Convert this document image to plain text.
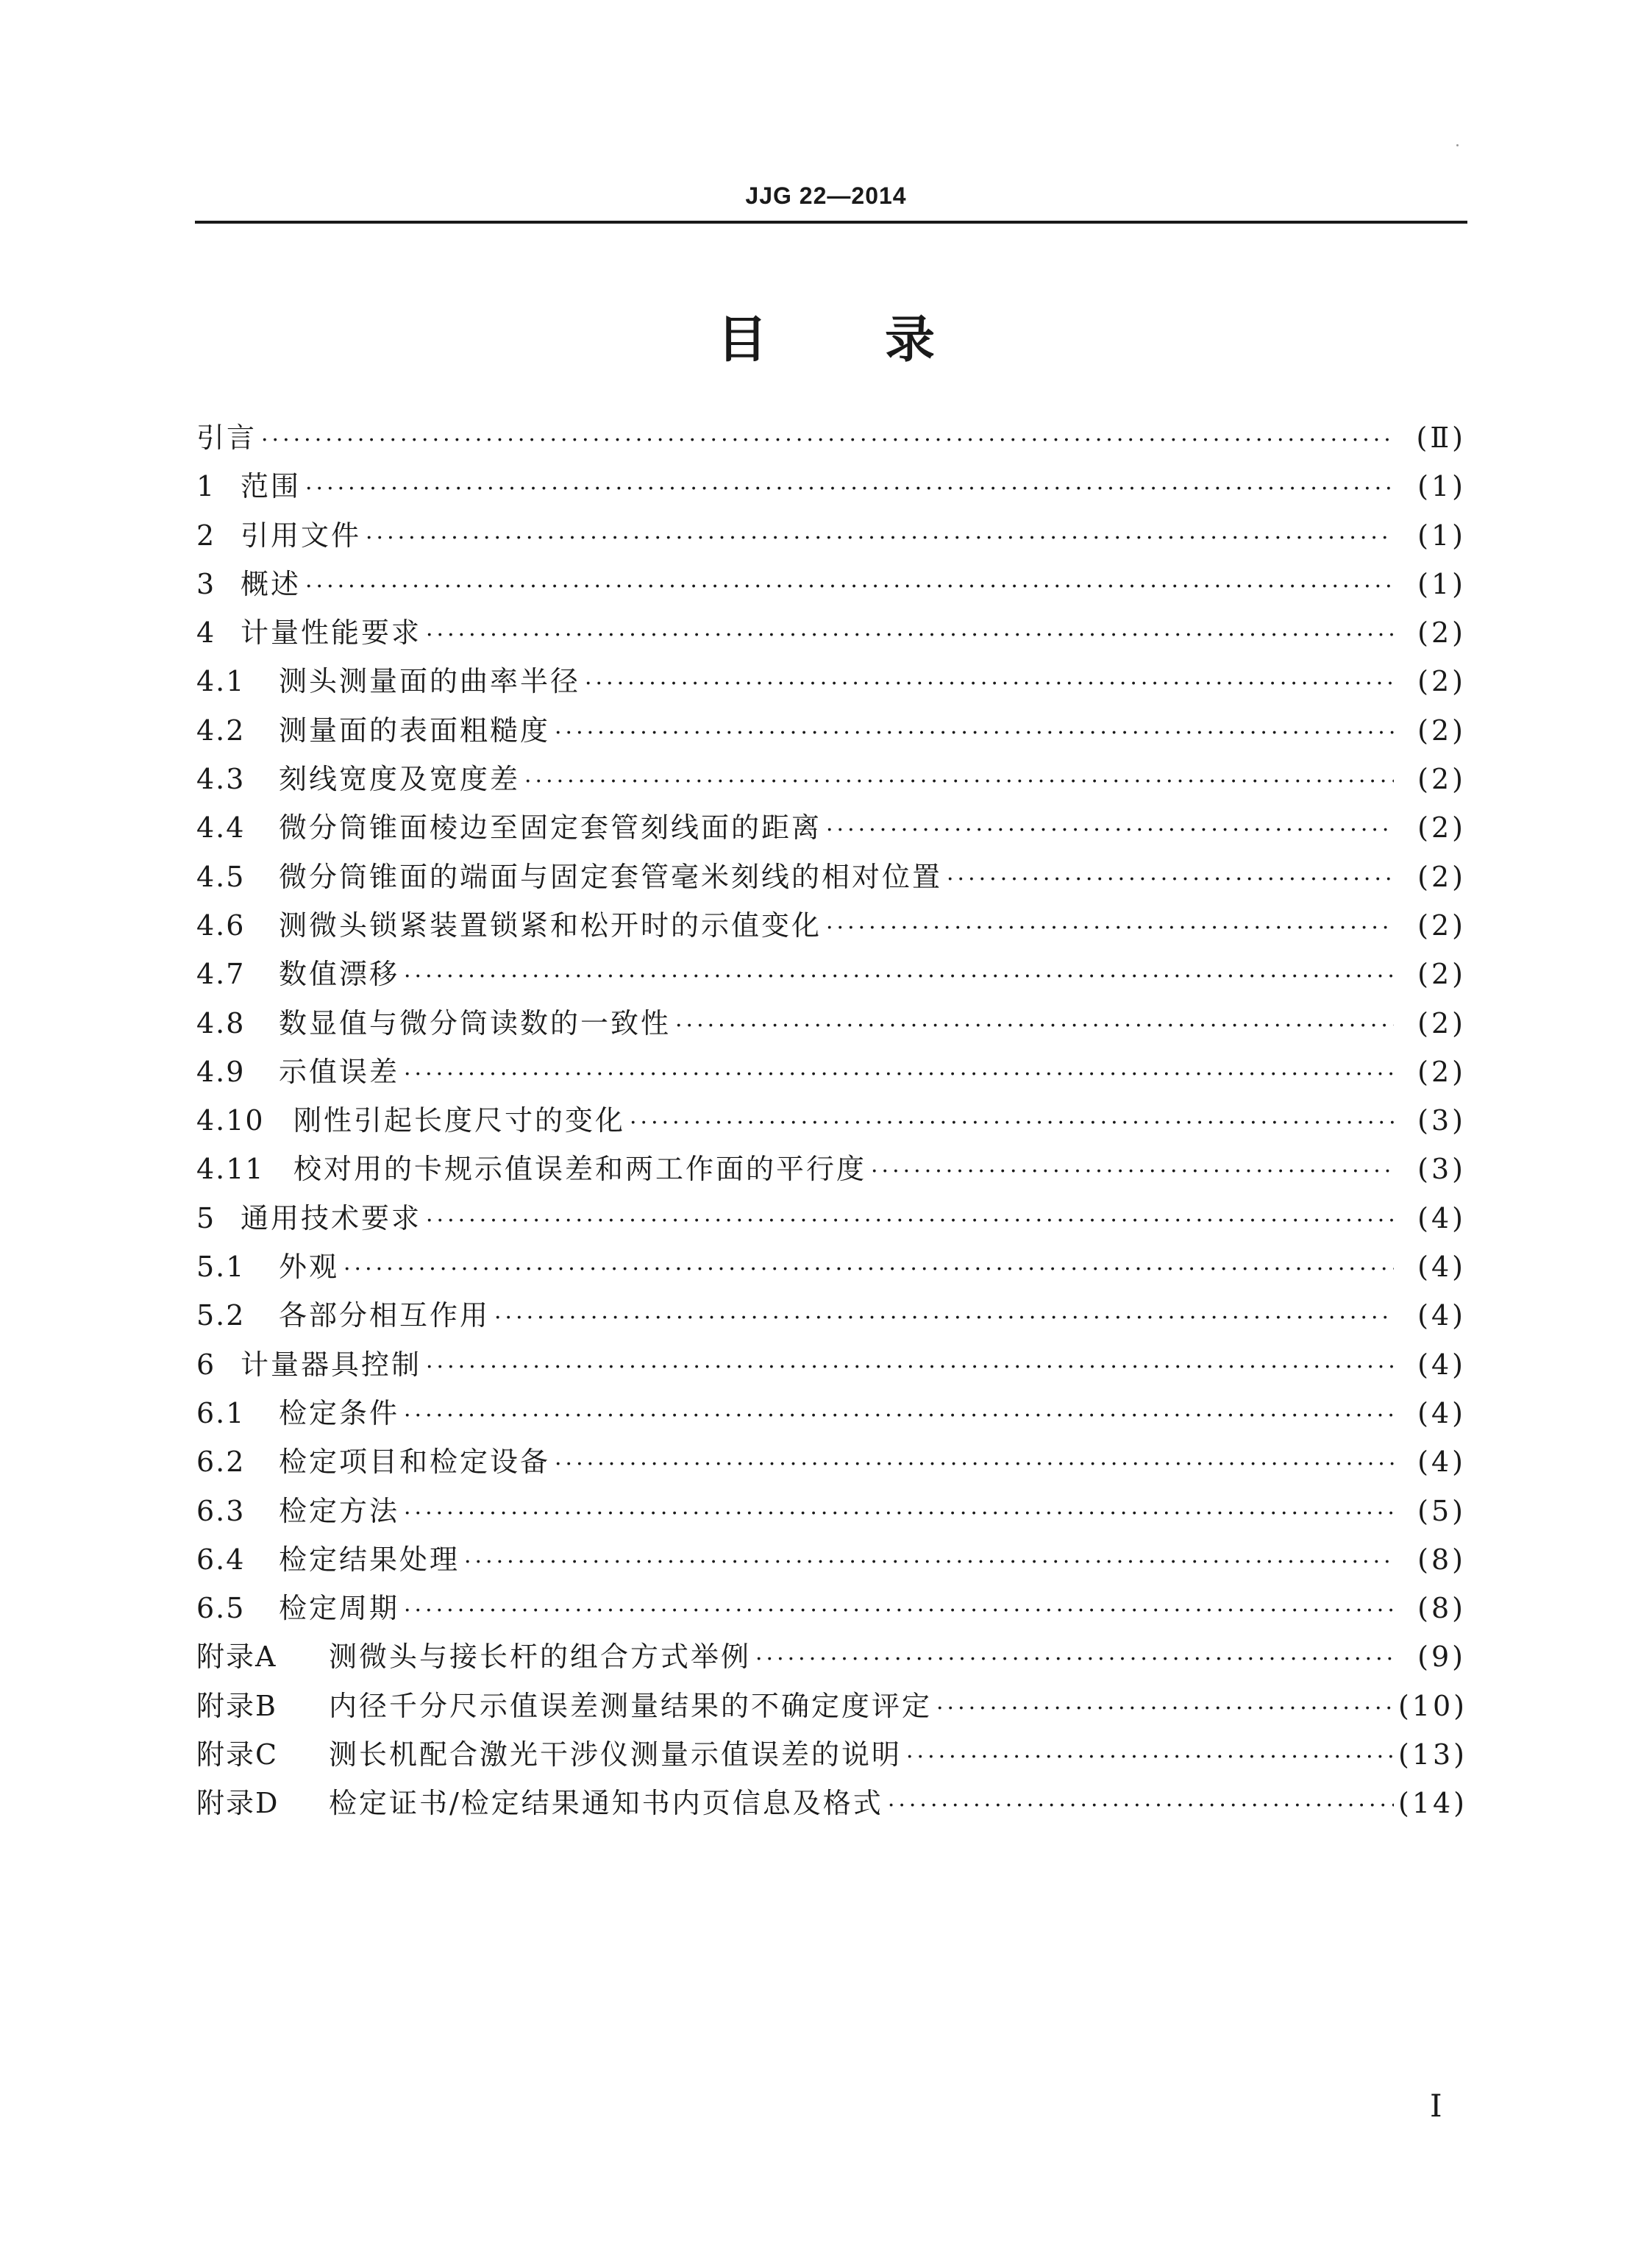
JJG 22—2014
目录
引言 ·····	(Ⅱ)
1 范围 ·····	(1)
2 引用文件 ·····	(1)
3 概述 ·····	(1)
4 计量性能要求 ·····	(2)
4.1	测头测量面的曲率半径 ·····	(2)
4.2	测量面的表面粗糙度 ·····	(2)
4.3	刻线宽度及宽度差 ·····	(2)
4.4	微分筒锥面棱边至固定套管刻线面的距离 ·····	(2)
4.5	微分筒锥面的端面与固定套管毫米刻线的相对位置 ·····	(2)
4.6	测微头锁紧装置锁紧和松开时的示值变化 ·····	(2)
4.7	数值漂移 ·····	(2)
4.8	数显值与微分筒读数的一致性 ·····	(2)
4.9	示值误差 ·····	(2)
4.10	刚性引起长度尺寸的变化 ·····	(3)
4.11	校对用的卡规示值误差和两工作面的平行度 ·····	(3)
5 通用技术要求 ·····	(4)
5.1	外观 ·····	(4)
5.2	各部分相互作用 ·····	(4)
6 计量器具控制 ·····	(4)
6.1	检定条件 ·····	(4)
6.2	检定项目和检定设备 ·····	(4)
6.3	检定方法 ·····	(5)
6.4	检定结果处理 ·····	(8)
6.5	检定周期 ·····	(8)
附录A	测微头与接长杆的组合方式举例 ·····	(9)
附录B	内径千分尺示值误差测量结果的不确定度评定 ·····	(10)
附录C	测长机配合激光干涉仪测量示值误差的说明 ·····	(13)
附录D	检定证书/检定结果通知书内页信息及格式 ·····	(14)
I
